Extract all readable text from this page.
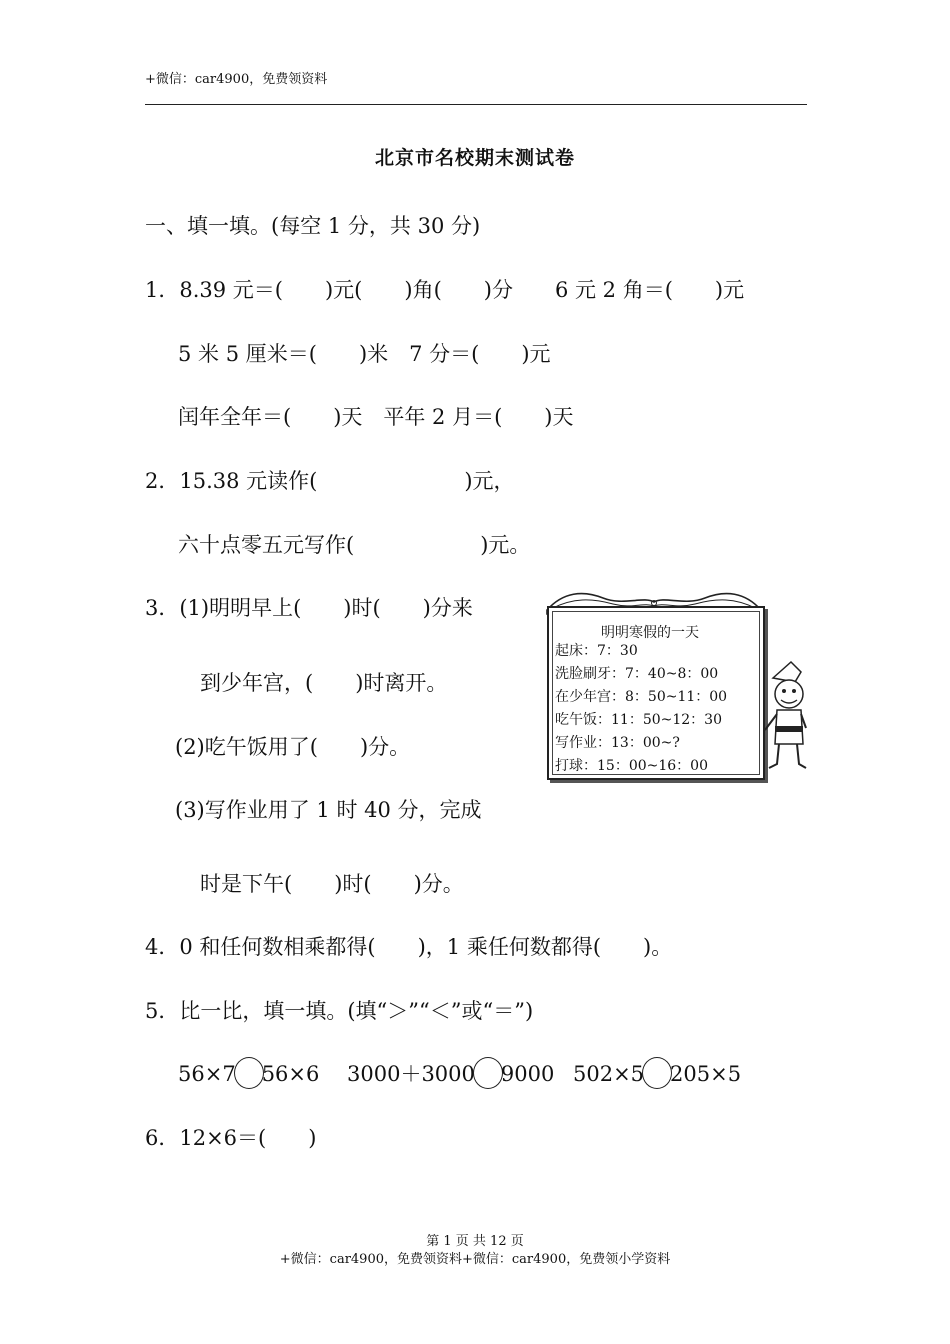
+微信：car4900，免费领资料
北京市名校期末测试卷
一、填一填。(每空 1 分，共 30 分)
1．8.39 元＝(　　)元(　　)角(　　)分　　6 元 2 角＝(　　)元
5 米 5 厘米＝(　　)米　7 分＝(　　)元
闰年全年＝(　　)天　平年 2 月＝(　　)天
2．15.38 元读作(　　　　　　　)元，
六十点零五元写作(　　　　　　)元。
3．(1)明明早上(　　)时(　　)分来
到少年宫，(　　)时离开。
(2)吃午饭用了(　　)分。
(3)写作业用了 1 时 40 分，完成
时是下午(　　)时(　　)分。
4．0 和任何数相乘都得(　　)，1 乘任何数都得(　　)。
5．比一比，填一填。(填“＞”“＜”或“＝”)
56×7 56×6 3000＋3000 9000 502×5 205×5
6．12×6＝(　　)
明明寒假的一天
起床：7：30
洗脸刷牙：7：40~8：00
在少年宫：8：50~11：00
吃午饭：11：50~12：30
写作业：13：00~?
打球：15：00~16：00
第 1 页 共 12 页
+微信：car4900，免费领资料+微信：car4900，免费领小学资料
